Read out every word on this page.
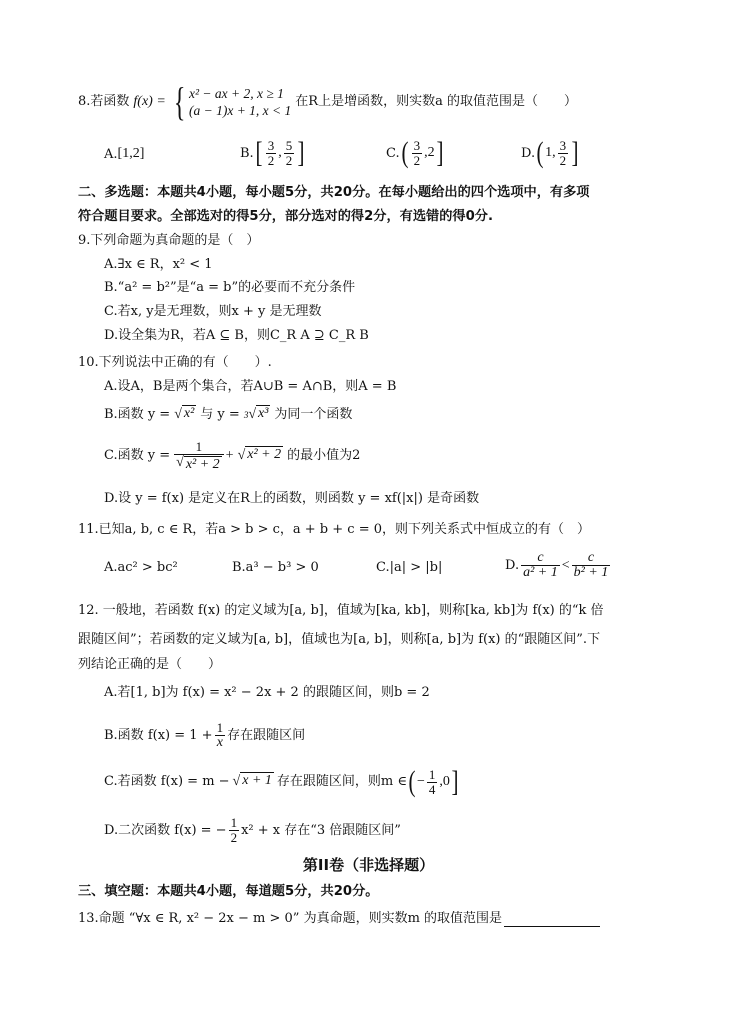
8.若函数 f(x) = { x² − ax + 2, x ≥ 1
(a − 1)x + 1, x < 1
在R上是增函数，则实数a 的取值范围是（　　）
A. [1,2]	B. [ $\frac{3}{2}$ , $\frac{5}{2}$ ]	C. ( $\frac{3}{2} ,2$ ]	D. ( 1, $\frac{3}{2}$ ]
二、多选题：本题共4小题，每小题5分，共20分。在每小题给出的四个选项中，有多项
符合题目要求。全部选对的得5分，部分选对的得2分，有选错的得0分.
9.下列命题为真命题的是（　）
A.∃x ∈ R，x² < 1
B.“a² = b²”是“a = b”的必要而不充分条件
C.若x, y是无理数，则x + y 是无理数
D.设全集为R，若A ⊆ B，则C_R A ⊇ C_R B
10.下列说法中正确的有（　　）.
A.设A，B是两个集合，若A∪B = A∩B，则A = B
B.函数 y = √ x² 与 y = 3 √ x³ 为同一个函数
C.函数 $y = \frac{1}{\text{√ x² + 2}}$ + √ x² + 2 的最小值为2
D.设 y = f(x) 是定义在R上的函数，则函数 y = xf(|x|) 是奇函数
11.已知a, b, c ∈ R，若a > b > c，a + b + c = 0，则下列关系式中恒成立的有（　）
A.ac² > bc²	B.a³ − b³ > 0	C.|a| > |b|	D. $\frac{c}{\text{a² + 1}} < \frac{c}{\text{b² + 1}}$
12. 一般地，若函数 f(x) 的定义域为[a, b]，值域为[ka, kb]，则称[ka, kb]为 f(x) 的“k 倍
跟随区间”；若函数的定义域为[a, b]，值域也为[a, b]，则称[a, b]为 f(x) 的“跟随区间”.下
列结论正确的是（　　）
A.若[1, b]为 f(x) = x² − 2x + 2 的跟随区间，则b = 2
B.函数 $f(x) = 1 + \frac{1}{x}$ 存在跟随区间
C.若函数 f(x) = m − √ x + 1 存在跟随区间，则m ∈ ( − $\frac{1}{4} ,0$ ]
D.二次函数 f(x) = − $\frac{1}{2} x^2 + x$ 存在“3 倍跟随区间”
第II卷（非选择题）
三、填空题：本题共4小题，每道题5分，共20分。
13.命题 “∀x ∈ R, x² − 2x − m > 0” 为真命题，则实数m 的取值范围是
